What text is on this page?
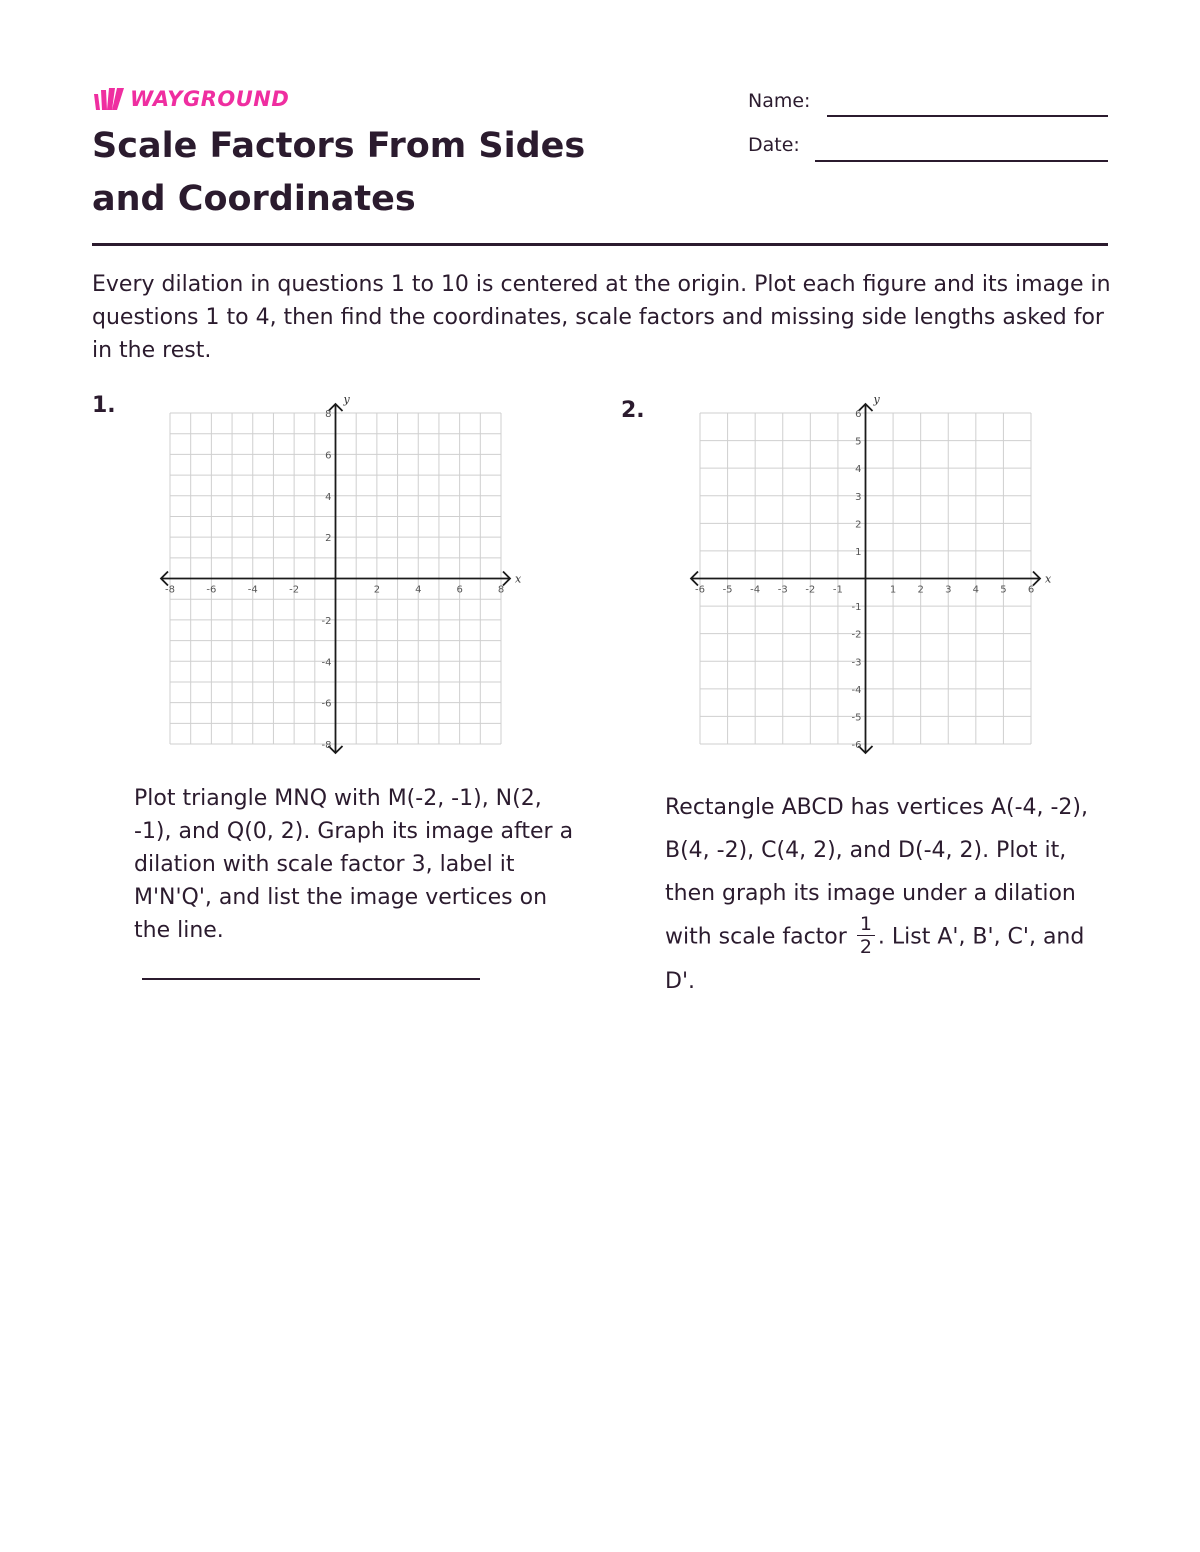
WAYGROUND
Scale Factors From Sides and Coordinates
Name:
Date:

Every dilation in questions 1 to 10 is centered at the origin. Plot each figure and its image in questions 1 to 4, then find the coordinates, scale factors and missing side lengths asked for in the rest.

1.
-8	-6	-4	-2	2	4	6	8
8
6
4
2
-2
-4
-6
-8
x
y

Plot triangle MNQ with M(-2, -1), N(2, -1), and Q(0, 2). Graph its image after a dilation with scale factor 3, label it M'N'Q', and list the image vertices on the line.

2.
-6 -5 -4 -3 -2 -1	1 2 3 4 5 6
6
5
4
3
2
1
-1
-2
-3
-4
-5
-6
x
y

Rectangle ABCD has vertices A(-4, -2), B(4, -2), C(4, 2), and D(-4, 2). Plot it, then graph its image under a dilation with scale factor $\frac{1}{2}$ . List A', B', C', and D'.
